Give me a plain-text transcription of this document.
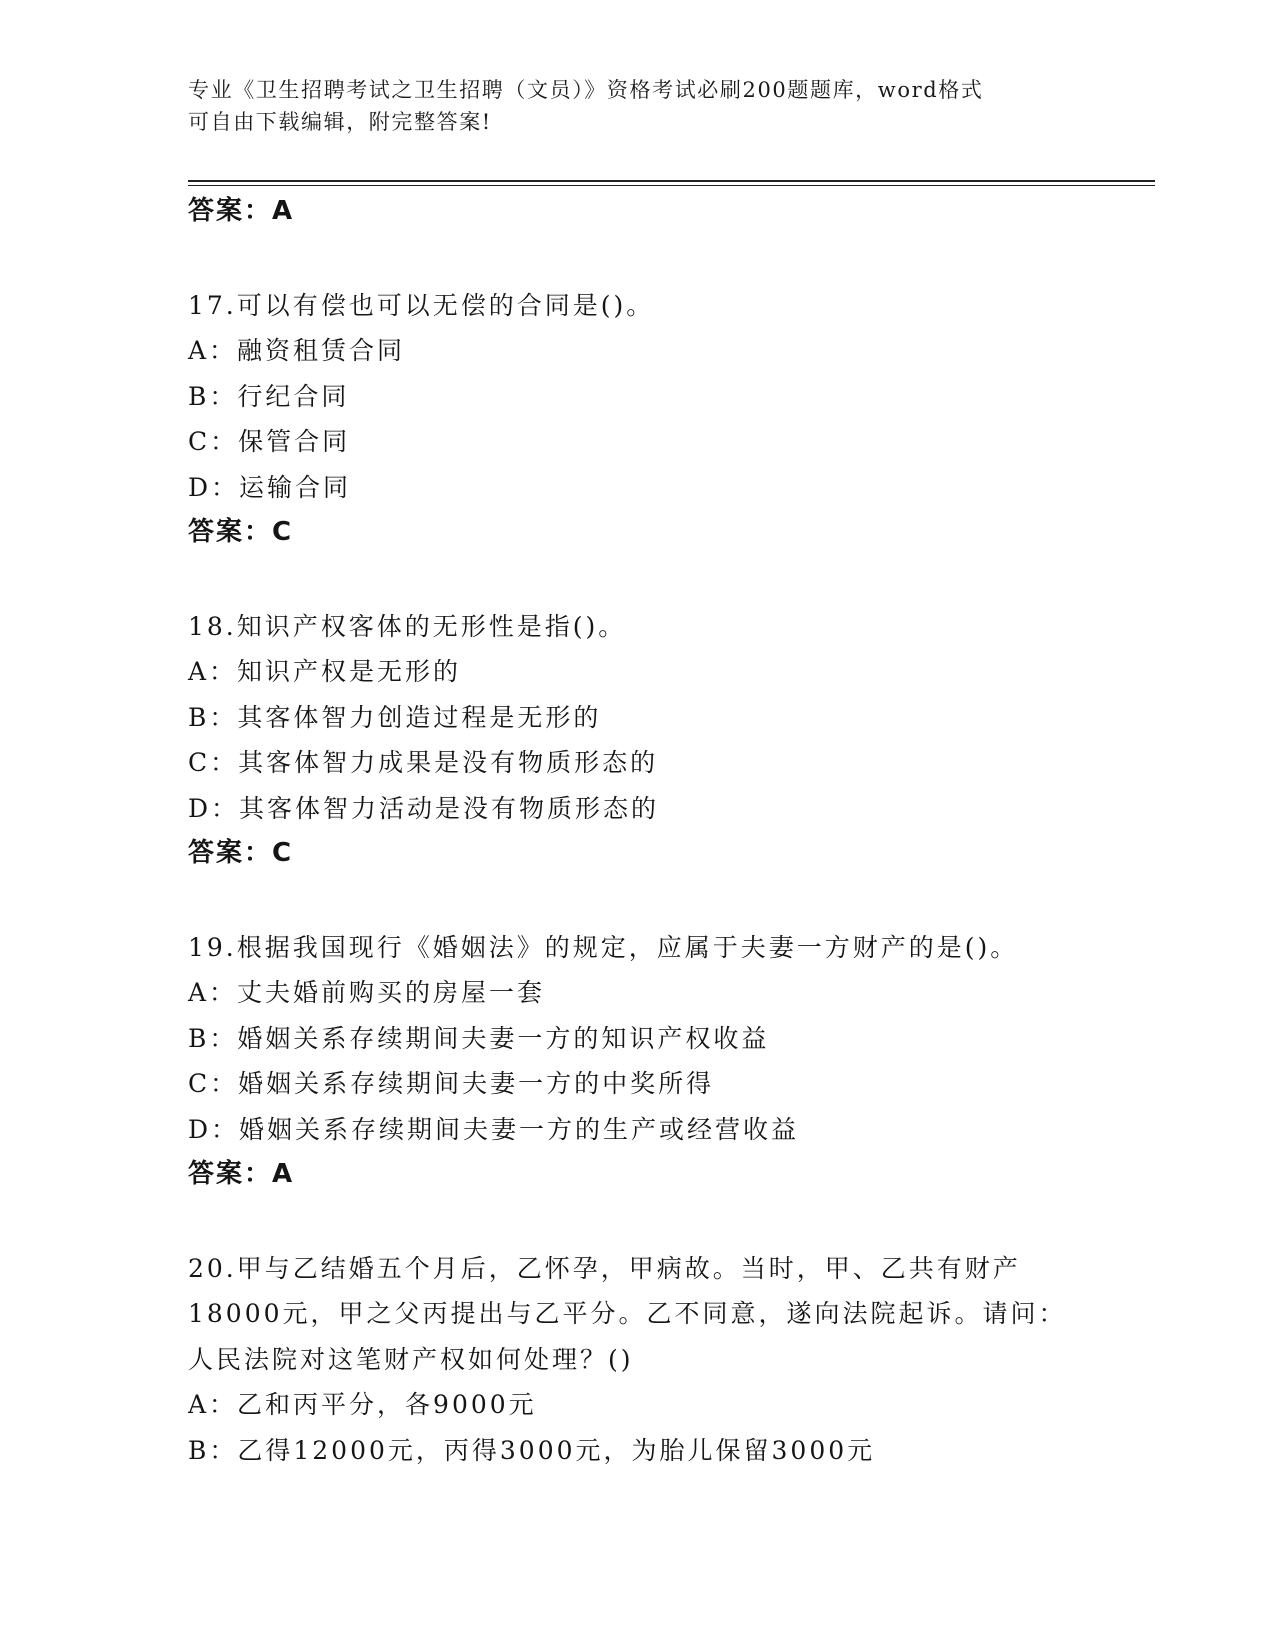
专业《卫生招聘考试之卫生招聘（文员）》资格考试必刷200题题库，word格式
可自由下载编辑，附完整答案!
答案：A
17.可以有偿也可以无偿的合同是()。
A：融资租赁合同
B：行纪合同
C：保管合同
D：运输合同
答案：C
18.知识产权客体的无形性是指()。
A：知识产权是无形的
B：其客体智力创造过程是无形的
C：其客体智力成果是没有物质形态的
D：其客体智力活动是没有物质形态的
答案：C
19.根据我国现行《婚姻法》的规定，应属于夫妻一方财产的是()。
A：丈夫婚前购买的房屋一套
B：婚姻关系存续期间夫妻一方的知识产权收益
C：婚姻关系存续期间夫妻一方的中奖所得
D：婚姻关系存续期间夫妻一方的生产或经营收益
答案：A
20.甲与乙结婚五个月后，乙怀孕，甲病故。当时，甲、乙共有财产
18000元，甲之父丙提出与乙平分。乙不同意，遂向法院起诉。请问：
人民法院对这笔财产权如何处理？()
A：乙和丙平分，各9000元
B：乙得12000元，丙得3000元，为胎儿保留3000元
